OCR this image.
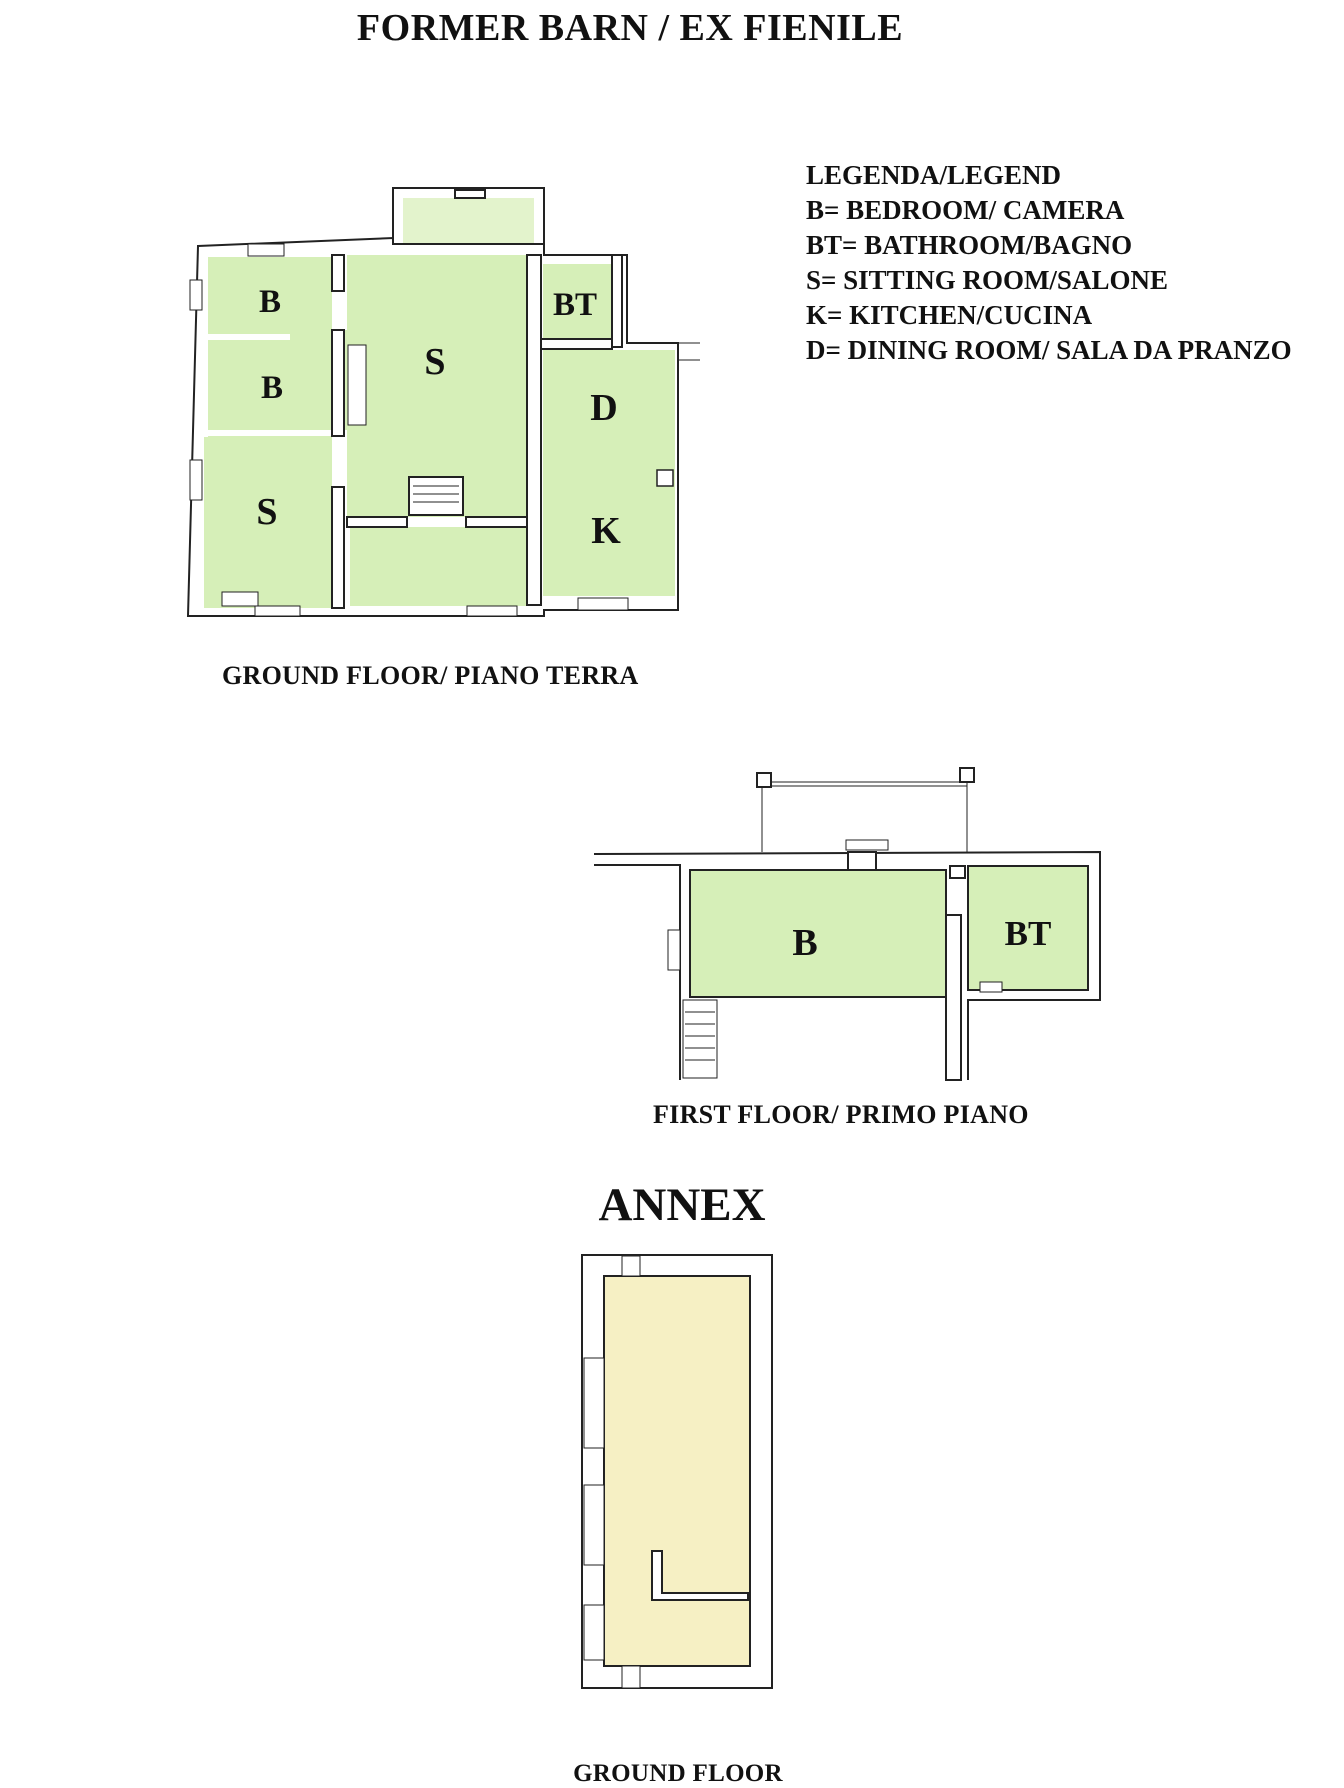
FORMER BARN / EX FIENILE
LEGENDA/LEGEND
B= BEDROOM/ CAMERA
BT= BATHROOM/BAGNO
S= SITTING ROOM/SALONE
K= KITCHEN/CUCINA
D= DINING ROOM/ SALA DA PRANZO
B
B
S
S
BT
D
K
B	BT
GROUND FLOOR/ PIANO TERRA
FIRST FLOOR/ PRIMO PIANO
ANNEX
GROUND FLOOR
